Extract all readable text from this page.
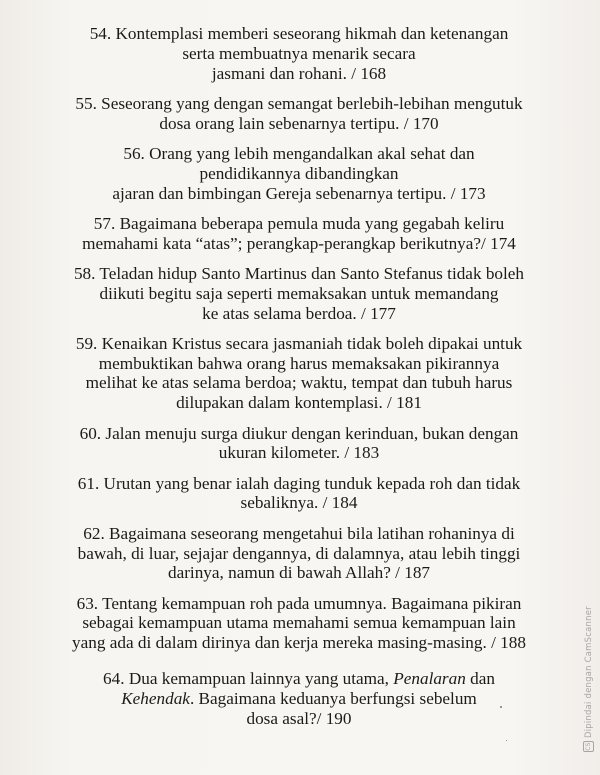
54. Kontemplasi memberi seseorang hikmah dan ketenangan
serta membuatnya menarik secara
jasmani dan rohani. / 168
55. Seseorang yang dengan semangat berlebih-lebihan mengutuk
dosa orang lain sebenarnya tertipu. / 170
56. Orang yang lebih mengandalkan akal sehat dan
pendidikannya dibandingkan
ajaran dan bimbingan Gereja sebenarnya tertipu. / 173
57. Bagaimana beberapa pemula muda yang gegabah keliru
memahami kata “atas”; perangkap-perangkap berikutnya?/ 174
58. Teladan hidup Santo Martinus dan Santo Stefanus tidak boleh
diikuti begitu saja seperti memaksakan untuk memandang
ke atas selama berdoa. / 177
59. Kenaikan Kristus secara jasmaniah tidak boleh dipakai untuk
membuktikan bahwa orang harus memaksakan pikirannya
melihat ke atas selama berdoa; waktu, tempat dan tubuh harus
dilupakan dalam kontemplasi. / 181
60. Jalan menuju surga diukur dengan kerinduan, bukan dengan
ukuran kilometer. / 183
61. Urutan yang benar ialah daging tunduk kepada roh dan tidak
sebaliknya. / 184
62. Bagaimana seseorang mengetahui bila latihan rohaninya di
bawah, di luar, sejajar dengannya, di dalamnya, atau lebih tinggi
darinya, namun di bawah Allah? / 187
63. Tentang kemampuan roh pada umumnya. Bagaimana pikiran
sebagai kemampuan utama memahami semua kemampuan lain
yang ada di dalam dirinya dan kerja mereka masing-masing. / 188
64. Dua kemampuan lainnya yang utama, Penalaran dan
Kehendak. Bagaimana keduanya berfungsi sebelum
dosa asal?/ 190
CSDipindai dengan CamScanner
